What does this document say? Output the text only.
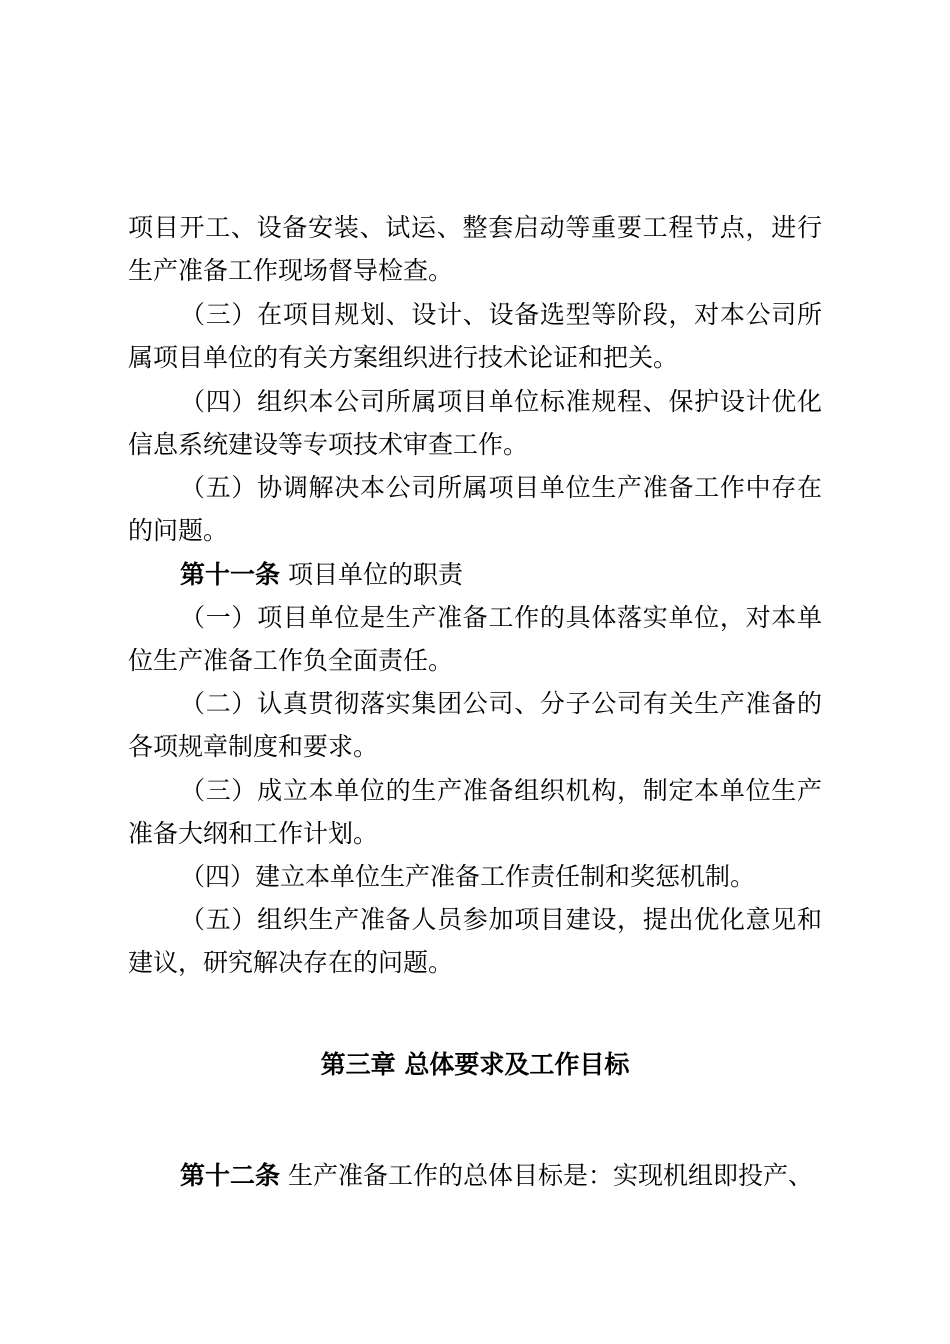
项目开工、设备安装、试运、整套启动等重要工程节点，进行
生产准备工作现场督导检查。
（三）在项目规划、设计、设备选型等阶段，对本公司所
属项目单位的有关方案组织进行技术论证和把关。
（四）组织本公司所属项目单位标准规程、保护设计优化
信息系统建设等专项技术审查工作。
（五）协调解决本公司所属项目单位生产准备工作中存在
的问题。
第十一条 项目单位的职责
（一）项目单位是生产准备工作的具体落实单位，对本单
位生产准备工作负全面责任。
（二）认真贯彻落实集团公司、分子公司有关生产准备的
各项规章制度和要求。
（三）成立本单位的生产准备组织机构，制定本单位生产
准备大纲和工作计划。
（四）建立本单位生产准备工作责任制和奖惩机制。
（五）组织生产准备人员参加项目建设，提出优化意见和
建议，研究解决存在的问题。
第三章 总体要求及工作目标
第十二条 生产准备工作的总体目标是：实现机组即投产、
